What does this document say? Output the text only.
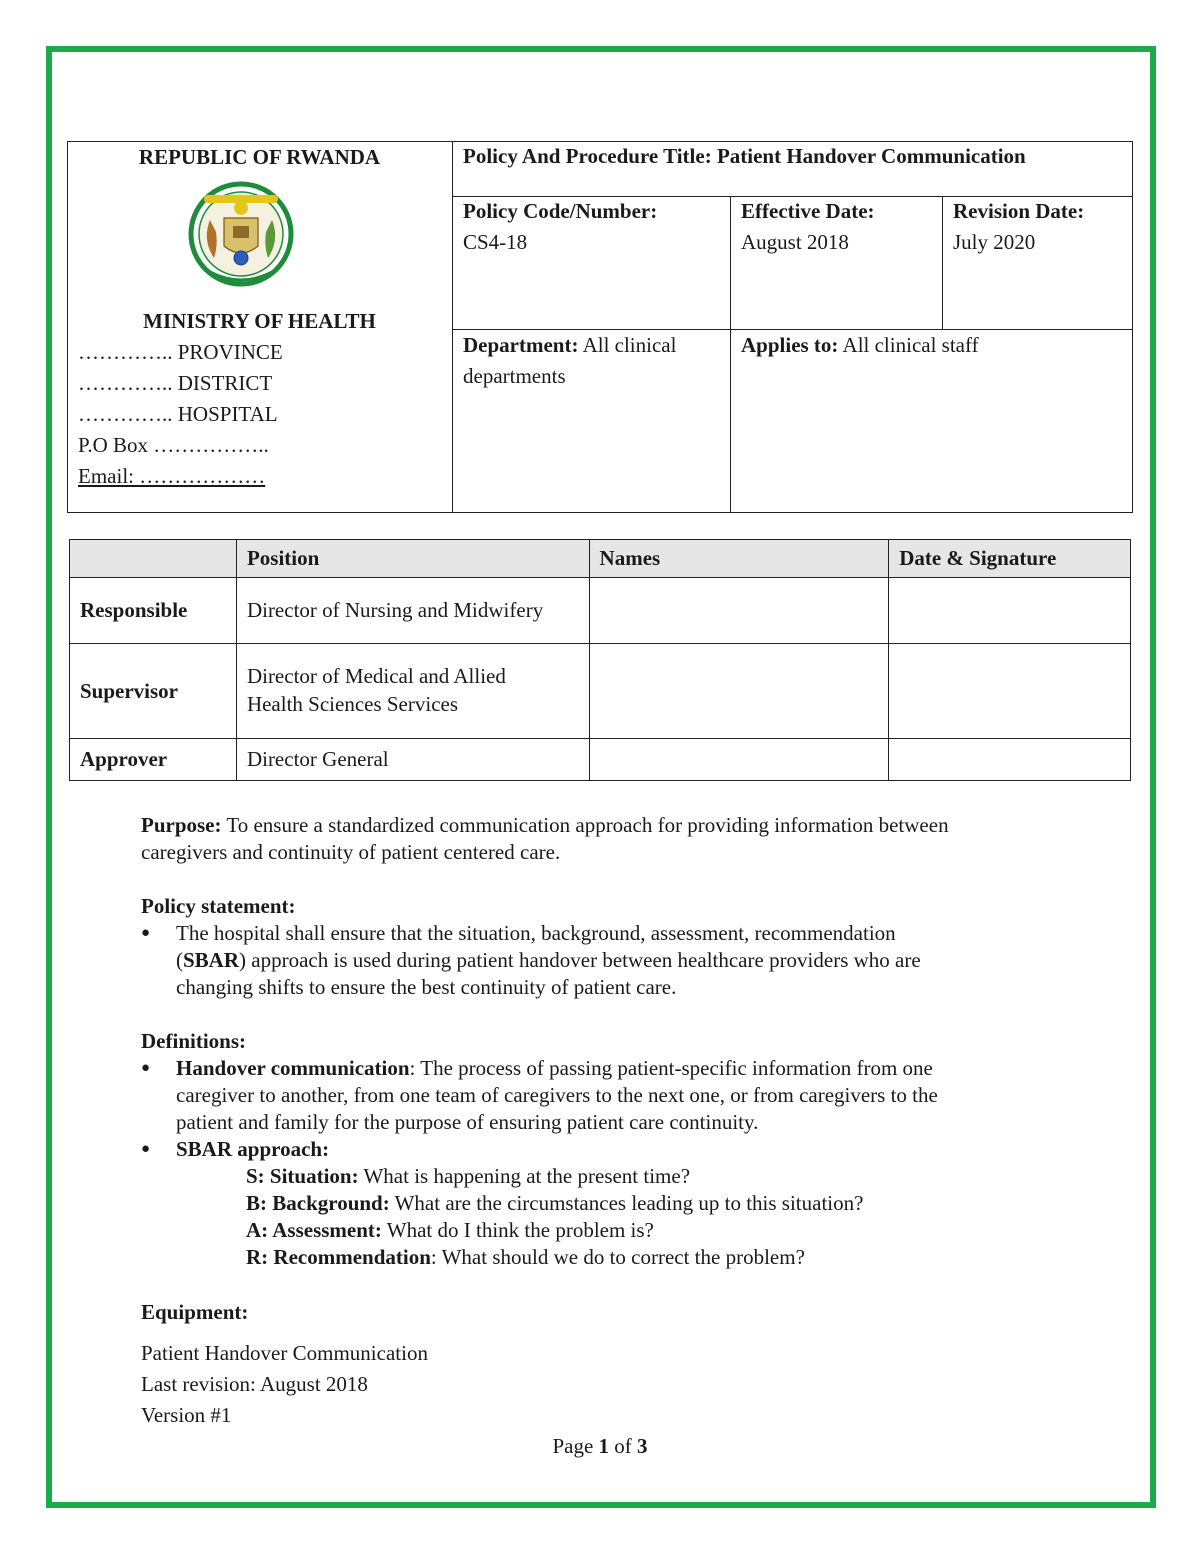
REPUBLIC OF RWANDA
MINISTRY OF HEALTH
………….. PROVINCE
………….. DISTRICT
………….. HOSPITAL
P.O Box ……………..
Email: ………………
Policy And Procedure Title: Patient Handover Communication
Policy Code/Number:
CS4-18
Effective Date:
August 2018
Revision Date:
July 2020
Department: All clinical
departments
Applies to: All clinical staff
	Position	Names	Date & Signature
Responsible	Director of Nursing and Midwifery		
Supervisor	Director of Medical and Allied
Health Sciences Services		

Approver	Director General		
Purpose: To ensure a standardized communication approach for providing information between
caregivers and continuity of patient centered care.
Policy statement:
● The hospital shall ensure that the situation, background, assessment, recommendation
(SBAR) approach is used during patient handover between healthcare providers who are
changing shifts to ensure the best continuity of patient care.
Definitions:
● Handover communication: The process of passing patient-specific information from one
caregiver to another, from one team of caregivers to the next one, or from caregivers to the
patient and family for the purpose of ensuring patient care continuity.
● SBAR approach:
S: Situation: What is happening at the present time?
B: Background: What are the circumstances leading up to this situation?
A: Assessment: What do I think the problem is?
R: Recommendation: What should we do to correct the problem?
Equipment:
Patient Handover Communication
Last revision: August 2018
Version #1
Page 1 of 3
